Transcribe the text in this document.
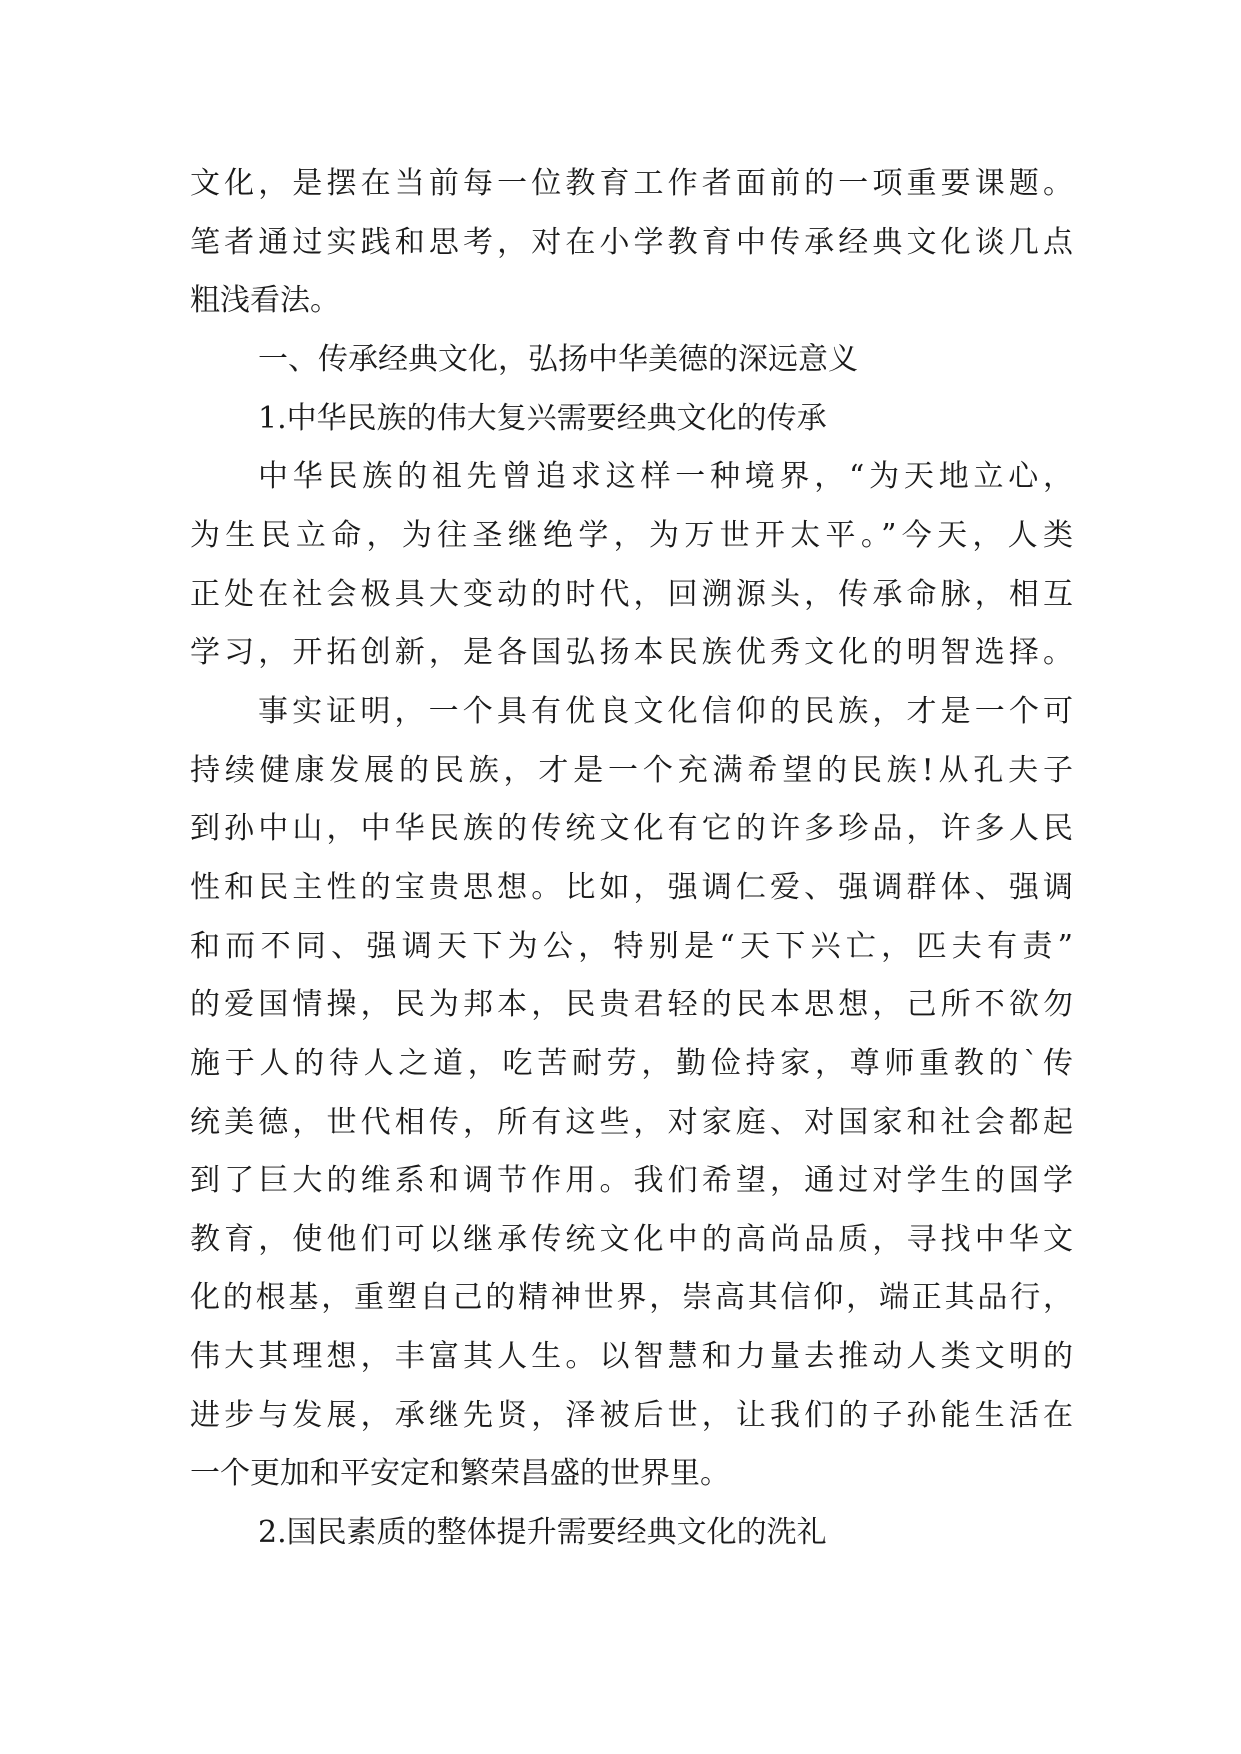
文化，是摆在当前每一位教育工作者面前的一项重要课题。
笔者通过实践和思考，对在小学教育中传承经典文化谈几点
粗浅看法。
一、传承经典文化，弘扬中华美德的深远意义
1.中华民族的伟大复兴需要经典文化的传承
中华民族的祖先曾追求这样一种境界，“为天地立心，
为生民立命，为往圣继绝学，为万世开太平。”今天，人类
正处在社会极具大变动的时代，回溯源头，传承命脉，相互
学习，开拓创新，是各国弘扬本民族优秀文化的明智选择。
事实证明，一个具有优良文化信仰的民族，才是一个可
持续健康发展的民族，才是一个充满希望的民族!从孔夫子
到孙中山，中华民族的传统文化有它的许多珍品，许多人民
性和民主性的宝贵思想。比如，强调仁爱、强调群体、强调
和而不同、强调天下为公，特别是“天下兴亡，匹夫有责”
的爱国情操，民为邦本，民贵君轻的民本思想，己所不欲勿
施于人的待人之道，吃苦耐劳，勤俭持家，尊师重教的`传
统美德，世代相传，所有这些，对家庭、对国家和社会都起
到了巨大的维系和调节作用。我们希望，通过对学生的国学
教育，使他们可以继承传统文化中的高尚品质，寻找中华文
化的根基，重塑自己的精神世界，崇高其信仰，端正其品行，
伟大其理想，丰富其人生。以智慧和力量去推动人类文明的
进步与发展，承继先贤，泽被后世，让我们的子孙能生活在
一个更加和平安定和繁荣昌盛的世界里。
2.国民素质的整体提升需要经典文化的洗礼
